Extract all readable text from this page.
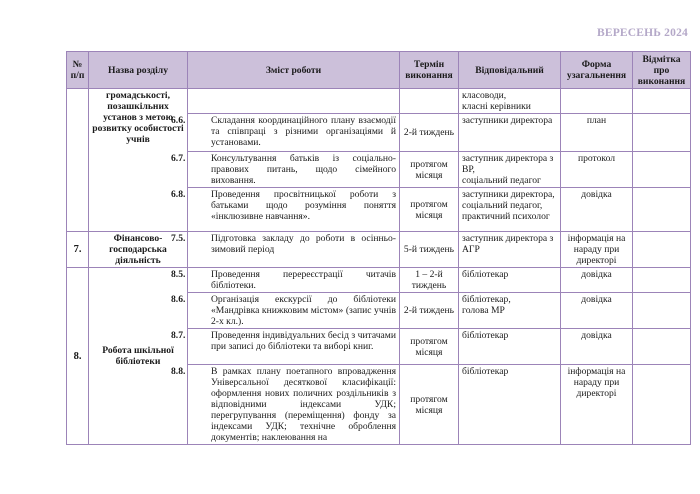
ВЕРЕСЕНЬ 2024
№ п/п	Назва розділу	Зміст роботи	Термін виконання	Відповідальний	Форма узагальнення	Відмітка про виконання
	громадськості, позашкільних установ з метою розвитку особистості учнів			класоводи,
класні керівники		
		6.6. Складання координаційного плану взаємодії та співпраці з різними організаціями й установами.	2-й тиждень	заступники директора	план	
		6.7. Консультування батьків із соціально-правових питань, щодо сімейного виховання.	протягом місяця	заступник директора з ВР,
соціальний педагог	протокол	
		6.8. Проведення просвітницької роботи з батьками щодо розуміння поняття «інклюзивне навчання».	протягом місяця	заступники директора,
соціальний педагог,
практичний психолог	довідка	
7.	Фінансово-господарська діяльність	7.5. Підготовка закладу до роботи в осінньо-зимовий період	5-й тиждень	заступник директора з АГР	інформація на нараду при директорі	
8.	Робота шкільної бібліотеки	8.5. Проведення перереєстрації читачів бібліотеки.	1 – 2-й тиждень	бібліотекар	довідка	
		8.6. Організація екскурсії до бібліотеки «Мандрівка книжковим містом» (запис учнів 2-х кл.).	2-й тиждень	бібліотекар,
голова МР	довідка	
		8.7. Проведення індивідуальних бесід з читачами при записі до бібліотеки та виборі книг.	протягом місяця	бібліотекар	довідка	
		8.8. В рамках плану поетапного впровадження Універсальної десяткової класифікації: оформлення нових поличних роздільників з відповідними індексами УДК; перегрупування (переміщення) фонду за індексами УДК; технічне оброблення документів; наклеювання на	протягом місяця	бібліотекар	інформація на нараду при директорі	
